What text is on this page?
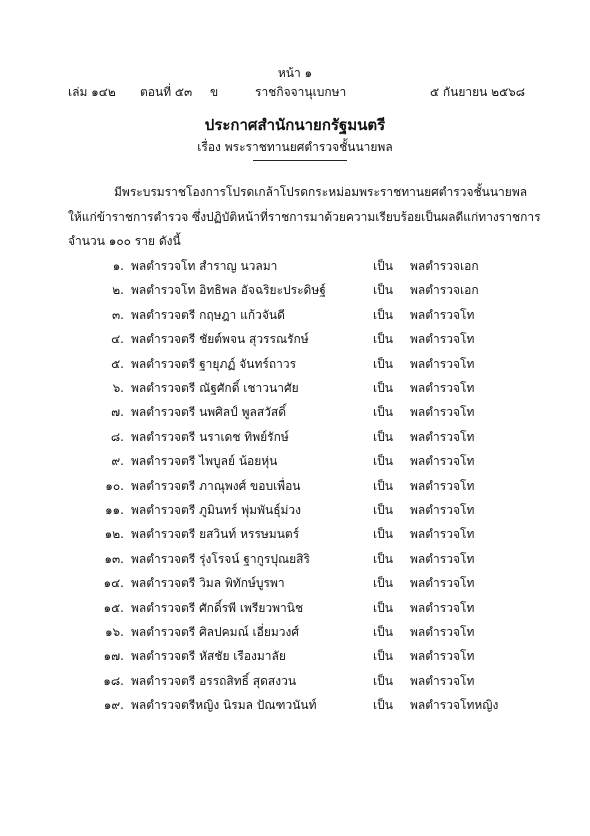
หน้า ๑
เล่ม ๑๔๒ ตอนที่ ๕๓ ข	ราชกิจจานุเบกษา	๕ กันยายน ๒๕๖๘
ประกาศสำนักนายกรัฐมนตรี
เรื่อง พระราชทานยศตำรวจชั้นนายพล
มีพระบรมราชโองการโปรดเกล้าโปรดกระหม่อมพระราชทานยศตำรวจชั้นนายพล
ให้แก่ข้าราชการตำรวจ ซึ่งปฏิบัติหน้าที่ราชการมาด้วยความเรียบร้อยเป็นผลดีแก่ทางราชการ
จำนวน ๑๐๐ ราย ดังนี้
๑. พลตำรวจโท สำราญ นวลมา	เป็น พลตำรวจเอก
๒. พลตำรวจโท อิทธิพล อัจฉริยะประดิษฐ์	เป็น พลตำรวจเอก
๓. พลตำรวจตรี กฤษฎา แก้วจันดี	เป็น พลตำรวจโท
๔. พลตำรวจตรี ชัยต์พจน สุวรรณรักษ์	เป็น พลตำรวจโท
๕. พลตำรวจตรี ฐายุภฏ์ จันทร์ถาวร	เป็น พลตำรวจโท
๖. พลตำรวจตรี ณัฐศักดิ์ เชาวนาศัย	เป็น พลตำรวจโท
๗. พลตำรวจตรี นพศิลป์ พูลสวัสดิ์	เป็น พลตำรวจโท
๘. พลตำรวจตรี นราเดช ทิพย์รักษ์	เป็น พลตำรวจโท
๙. พลตำรวจตรี ไพบูลย์ น้อยหุ่น	เป็น พลตำรวจโท
๑๐. พลตำรวจตรี ภาณุพงศ์ ขอบเพื่อน	เป็น พลตำรวจโท
๑๑. พลตำรวจตรี ภูมินทร์ พุ่มพันธุ์ม่วง	เป็น พลตำรวจโท
๑๒. พลตำรวจตรี ยสวินท์ หรรษมนตร์	เป็น พลตำรวจโท
๑๓. พลตำรวจตรี รุ่งโรจน์ ฐากูรปุณยสิริ	เป็น พลตำรวจโท
๑๔. พลตำรวจตรี วิมล พิทักษ์บูรพา	เป็น พลตำรวจโท
๑๕. พลตำรวจตรี ศักดิ์รพี เพรียวพานิช	เป็น พลตำรวจโท
๑๖. พลตำรวจตรี ศิลปคมณ์ เอี่ยมวงศ์	เป็น พลตำรวจโท
๑๗. พลตำรวจตรี หัสชัย เรืองมาลัย	เป็น พลตำรวจโท
๑๘. พลตำรวจตรี อรรถสิทธิ์ สุดสงวน	เป็น พลตำรวจโท
๑๙. พลตำรวจตรีหญิง นิรมล ปัณฑวนันท์	เป็น พลตำรวจโทหญิง
